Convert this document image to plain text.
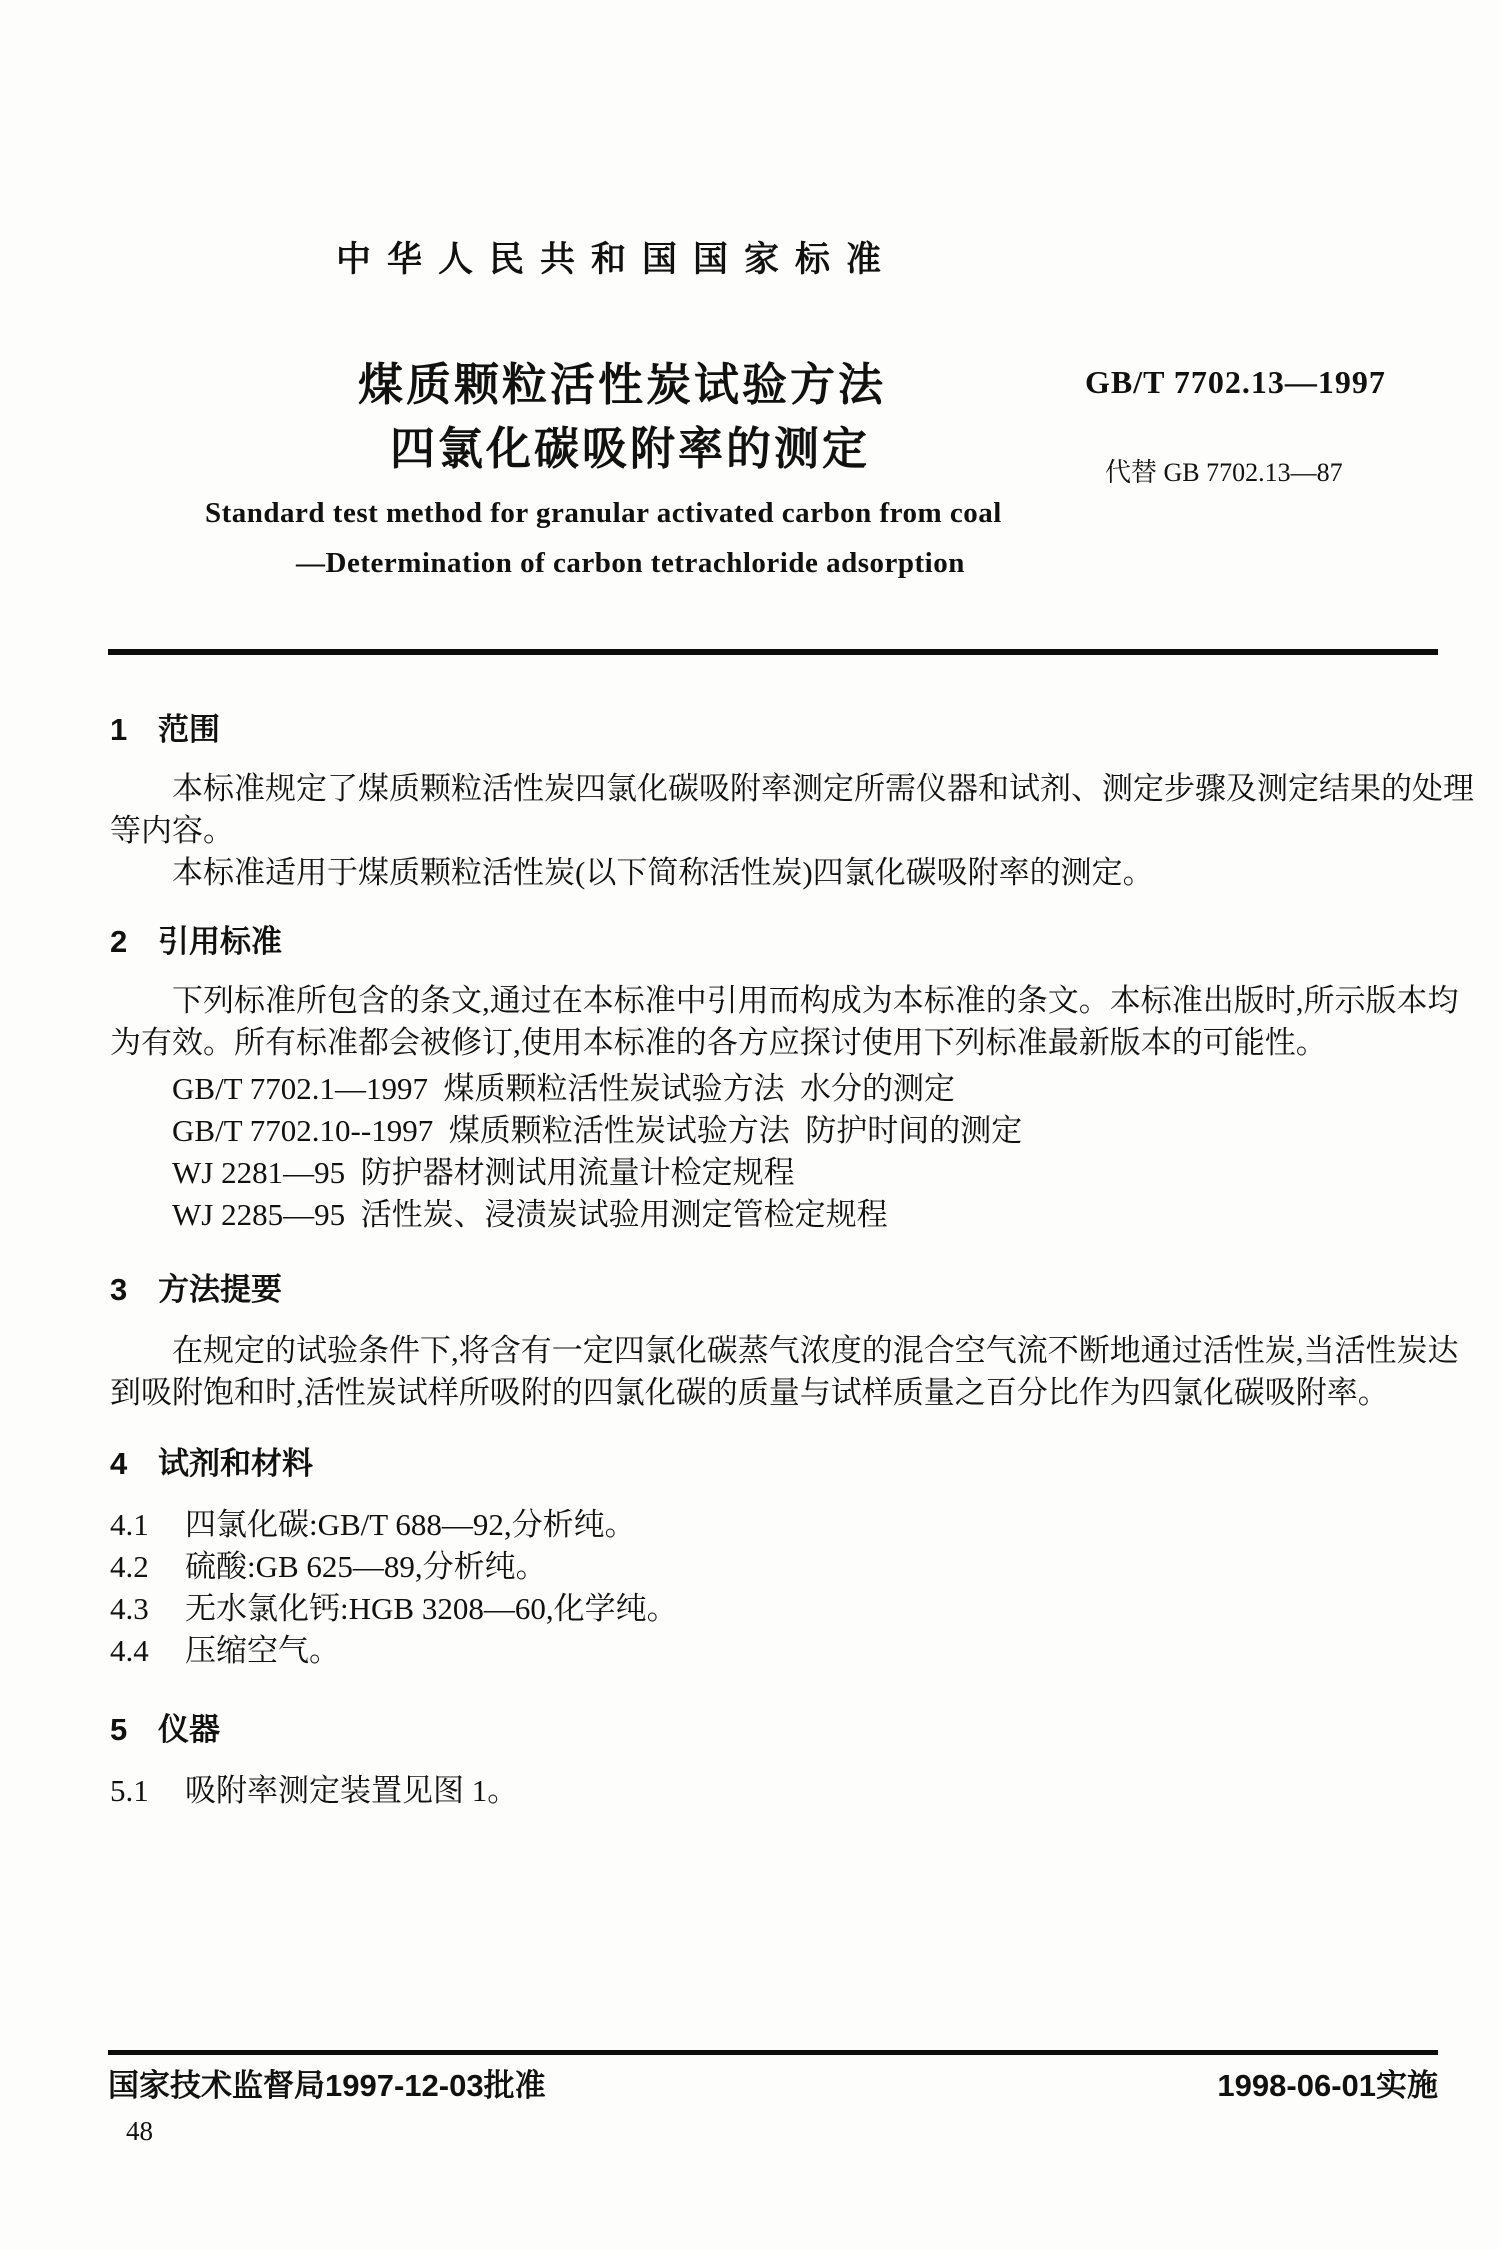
中华人民共和国国家标准
煤质颗粒活性炭试验方法
四氯化碳吸附率的测定
GB/T 7702.13—1997
代替 GB 7702.13—87
Standard test method for granular activated carbon from coal
—Determination of carbon tetrachloride adsorption
1 范围
本标准规定了煤质颗粒活性炭四氯化碳吸附率测定所需仪器和试剂、测定步骤及测定结果的处理
等内容。
本标准适用于煤质颗粒活性炭(以下简称活性炭)四氯化碳吸附率的测定。
2 引用标准
下列标准所包含的条文,通过在本标准中引用而构成为本标准的条文。本标准出版时,所示版本均
为有效。所有标准都会被修订,使用本标准的各方应探讨使用下列标准最新版本的可能性。
GB/T 7702.1—1997  煤质颗粒活性炭试验方法  水分的测定
GB/T 7702.10--1997  煤质颗粒活性炭试验方法  防护时间的测定
WJ 2281—95  防护器材测试用流量计检定规程
WJ 2285—95  活性炭、浸渍炭试验用测定管检定规程
3 方法提要
在规定的试验条件下,将含有一定四氯化碳蒸气浓度的混合空气流不断地通过活性炭,当活性炭达
到吸附饱和时,活性炭试样所吸附的四氯化碳的质量与试样质量之百分比作为四氯化碳吸附率。
4 试剂和材料
4.1	四氯化碳:GB/T 688—92,分析纯。
4.2	硫酸:GB 625—89,分析纯。
4.3	无水氯化钙:HGB 3208—60,化学纯。
4.4	压缩空气。
5 仪器
5.1	吸附率测定装置见图 1。
国家技术监督局1997-12-03批准	1998-06-01实施
48
